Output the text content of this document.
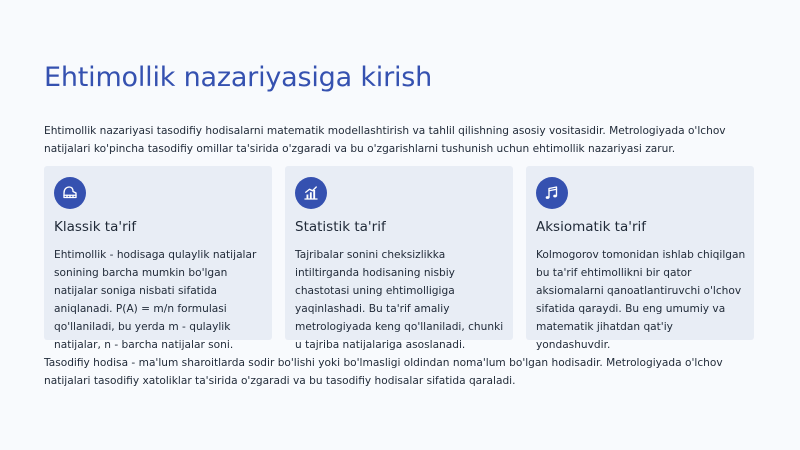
Ehtimollik nazariyasiga kirish

Ehtimollik nazariyasi tasodifiy hodisalarni matematik modellashtirish va tahlil qilishning asosiy vositasidir. Metrologiyada o'lchov natijalari ko'pincha tasodifiy omillar ta'sirida o'zgaradi va bu o'zgarishlarni tushunish uchun ehtimollik nazariyasi zarur.

Klassik ta'rif

Ehtimollik - hodisaga qulaylik natijalar sonining barcha mumkin bo'lgan natijalar soniga nisbati sifatida aniqlanadi. P(A) = m/n formulasi qo'llaniladi, bu yerda m - qulaylik natijalar, n - barcha natijalar soni.

Statistik ta'rif

Tajribalar sonini cheksizlikka intiltirganda hodisaning nisbiy chastotasi uning ehtimolligiga yaqinlashadi. Bu ta'rif amaliy metrologiyada keng qo'llaniladi, chunki u tajriba natijalariga asoslanadi.

Aksiomatik ta'rif

Kolmogorov tomonidan ishlab chiqilgan bu ta'rif ehtimollikni bir qator aksiomalarni qanoatlantiruvchi o'lchov sifatida qaraydi. Bu eng umumiy va matematik jihatdan qat'iy yondashuvdir.

Tasodifiy hodisa - ma'lum sharoitlarda sodir bo'lishi yoki bo'lmasligi oldindan noma'lum bo'lgan hodisadir. Metrologiyada o'lchov natijalari tasodifiy xatoliklar ta'sirida o'zgaradi va bu tasodifiy hodisalar sifatida qaraladi.
